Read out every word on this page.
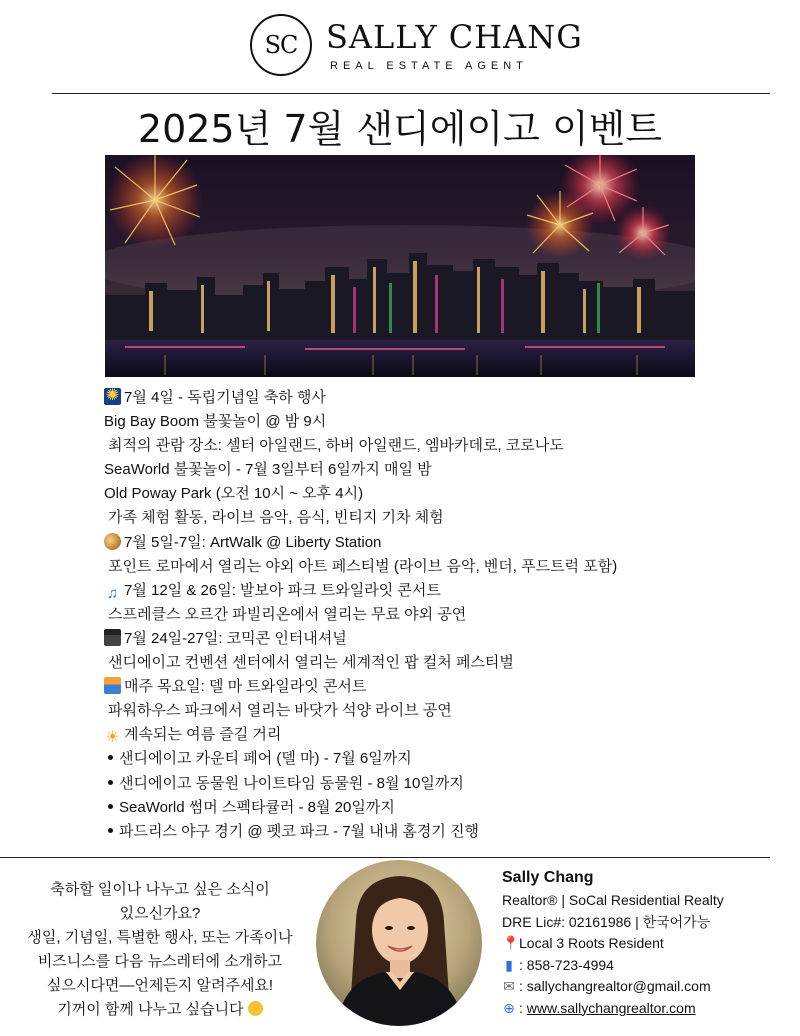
SC SALLY CHANG
REAL ESTATE AGENT
2025년 7월 샌디에이고 이벤트
✺7월 4일 - 독립기념일 축하 행사
Big Bay Boom 불꽃놀이 @ 밤 9시
최적의 관람 장소: 셀터 아일랜드, 하버 아일랜드, 엠바카데로, 코로나도
SeaWorld 불꽃놀이 - 7월 3일부터 6일까지 매일 밤
Old Poway Park (오전 10시 ~ 오후 4시)
가족 체험 활동, 라이브 음악, 음식, 빈티지 기차 체험
7월 5일-7일: ArtWalk @ Liberty Station
포인트 로마에서 열리는 야외 아트 페스티벌 (라이브 음악, 벤더, 푸드트럭 포함)
♫ 7월 12일 & 26일: 발보아 파크 트와일라잇 콘서트
스프레클스 오르간 파빌리온에서 열리는 무료 야외 공연
7월 24일-27일: 코믹콘 인터내셔널
샌디에이고 컨벤션 센터에서 열리는 세계적인 팝 컬처 페스티벌
매주 목요일: 델 마 트와일라잇 콘서트
파워하우스 파크에서 열리는 바닷가 석양 라이브 공연
☀ 계속되는 여름 즐길 거리
샌디에이고 카운티 페어 (델 마) - 7월 6일까지
샌디에이고 동물원 나이트타임 동물원 - 8월 10일까지
SeaWorld 썸머 스펙타큘러 - 8월 20일까지
파드리스 야구 경기 @ 펫코 파크 - 7월 내내 홈경기 진행
축하할 일이나 나누고 싶은 소식이
있으신가요?
생일, 기념일, 특별한 행사, 또는 가족이나
비즈니스를 다음 뉴스레터에 소개하고
싶으시다면—언제든지 알려주세요!
기꺼이 함께 나누고 싶습니다
Sally Chang
Realtor® | SoCal Residential Realty
DRE Lic#: 02161986 | 한국어가능
📍Local 3 Roots Resident
▮ : 858-723-4994
✉ : sallychangrealtor@gmail.com
⊕ : www.sallychangrealtor.com
